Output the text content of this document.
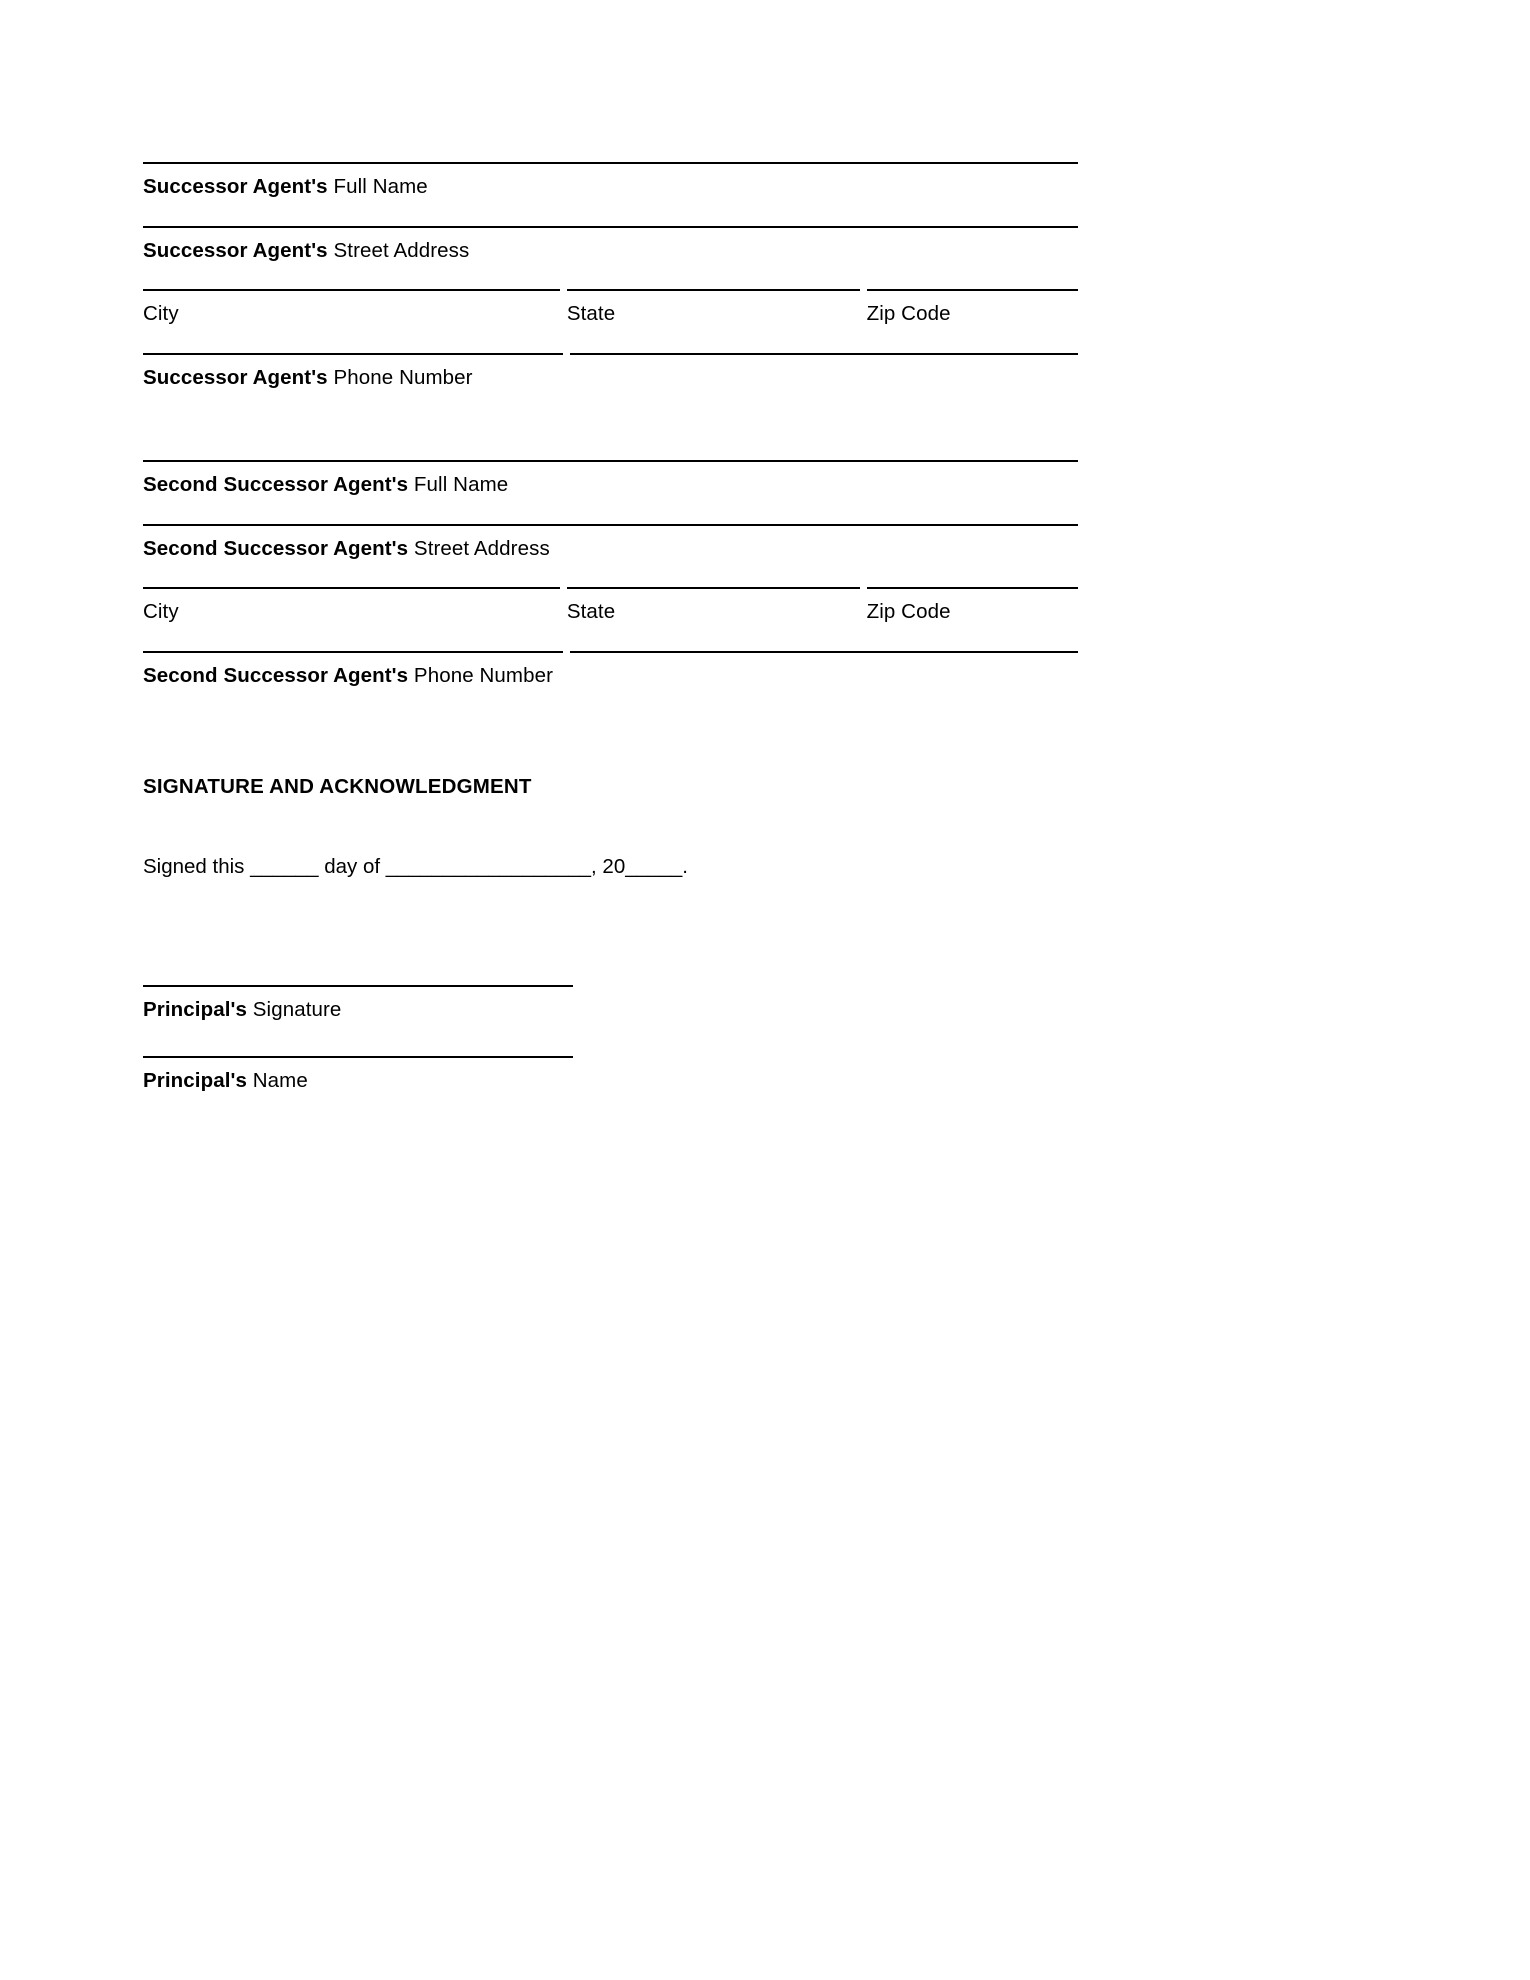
Successor Agent's Full Name
Successor Agent's Street Address
City	State	Zip Code
Successor Agent's Phone Number
Second Successor Agent's Full Name
Second Successor Agent's Street Address
City	State	Zip Code
Second Successor Agent's Phone Number
SIGNATURE AND ACKNOWLEDGMENT
Signed this ______ day of __________________, 20_____.
Principal's Signature
Principal's Name
